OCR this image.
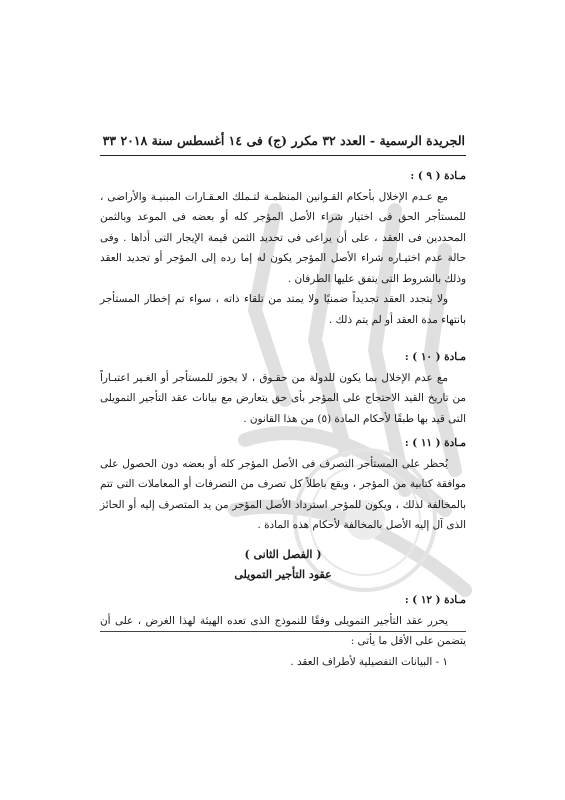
الجريدة الرسمية - العدد ٣٢ مكرر (ج) فى ١٤ أغسطس سنة ٢٠١٨ ٣٣

مـادة ( ٩ ) :

مع عـدم الإخلال بأحكام القـوانين المنظمـة لتـملك العـقـارات المبنيـة والأراضى ، للمستأجر الحق فى اختيار شراء الأصل المؤجر كله أو بعضه فى الموعد وبالثمن المحددين فى العقد ، على أن يراعى فى تحديد الثمن قيمة الإيجار التى أداها . وفى حالة عدم اختيـاره شراء الأصل المؤجر يكون له إما رده إلى المؤجر أو تجديد العقد وذلك بالشروط التى يتفق عليها الطرفان .

ولا يتجدد العقد تجديداً ضمنيًا ولا يمتد من تلقاء ذاته ، سواء تم إخطار المستأجر بانتهاء مدة العقد أو لم يتم ذلك .

مـادة ( ١٠ ) :

مع عدم الإخلال بما يكون للدولة من حقـوق ، لا يجوز للمستأجر أو الغـير اعتبـاراً من تاريخ القيد الاحتجاج على المؤجر بأى حق يتعارض مع بيانات عقد التأجير التمويلى التى قيد بها طبقًا لأحكام المادة (٥) من هذا القانون .

مـادة ( ١١ ) :

يُحظر على المستأجر التصرف فى الأصل المؤجر كله أو بعضه دون الحصول على موافقة كتابية من المؤجر ، ويقع باطلاً كل تصرف من التصرفات أو المعاملات التى تتم بالمخالفة لذلك ، ويكون للمؤجر استرداد الأصل المؤجر من يد المتصرف إليه أو الحائز الذى آل إليه الأصل بالمخالفة لأحكام هذه المادة .

( الفصل الثانى )
عقود التأجير التمويلى

مـادة ( ١٢ ) :

يحرر عقد التأجير التمويلى وفقًا للنموذج الذى تعده الهيئة لهذا الغرض ، على أن

يتضمن على الأقل ما يأتى :

١ - البيانات التفصيلية لأطراف العقد .
